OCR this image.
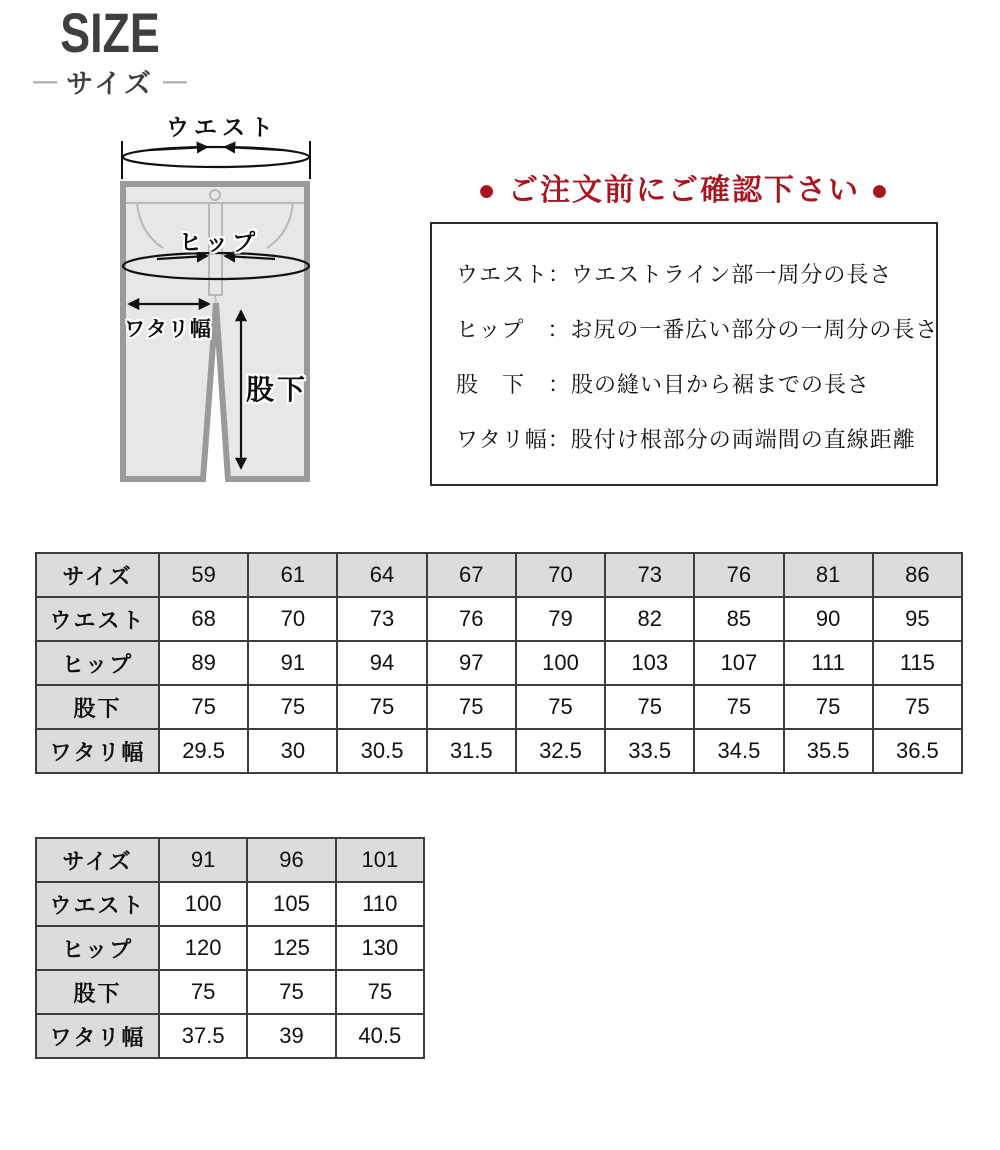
SIZE
— サイズ —
ウエスト
ヒップ
ワタリ幅
股下
● ご注文前にご確認下さい ●
ウエスト：ウエストライン部一周分の長さ
ヒップ　：お尻の一番広い部分の一周分の長さ
股　下　：股の縫い目から裾までの長さ
ワタリ幅：股付け根部分の両端間の直線距離
サイズ	59	61	64	67	70	73	76	81	86
ウエスト	68	70	73	76	79	82	85	90	95
ヒップ	89	91	94	97	100	103	107	111	115
股下	75	75	75	75	75	75	75	75	75
ワタリ幅	29.5	30	30.5	31.5	32.5	33.5	34.5	35.5	36.5
サイズ	91	96	101
ウエスト	100	105	110
ヒップ	120	125	130
股下	75	75	75
ワタリ幅	37.5	39	40.5
